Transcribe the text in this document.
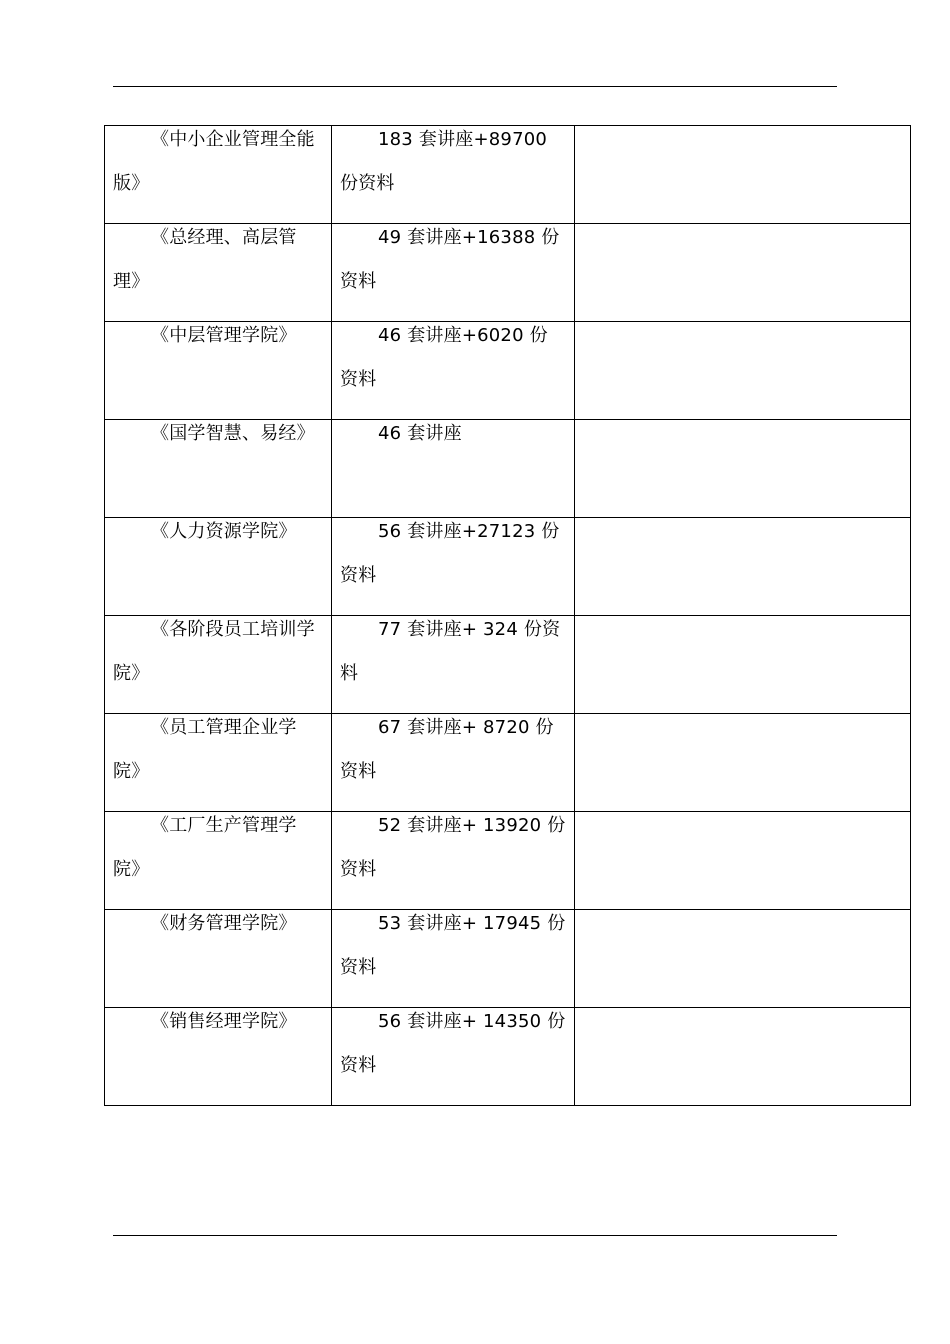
《中小企业管理全能版》	183 套讲座+89700 份资料	

《总经理、高层管理》	49 套讲座+16388 份资料	

《中层管理学院》	46 套讲座+6020 份资料	

《国学智慧、易经》	46 套讲座	

《人力资源学院》	56 套讲座+27123 份资料	

《各阶段员工培训学院》	77 套讲座+ 324 份资料	

《员工管理企业学院》	67 套讲座+ 8720 份资料	

《工厂生产管理学院》	52 套讲座+ 13920 份资料	

《财务管理学院》	53 套讲座+ 17945 份资料	

《销售经理学院》	56 套讲座+ 14350 份资料	
